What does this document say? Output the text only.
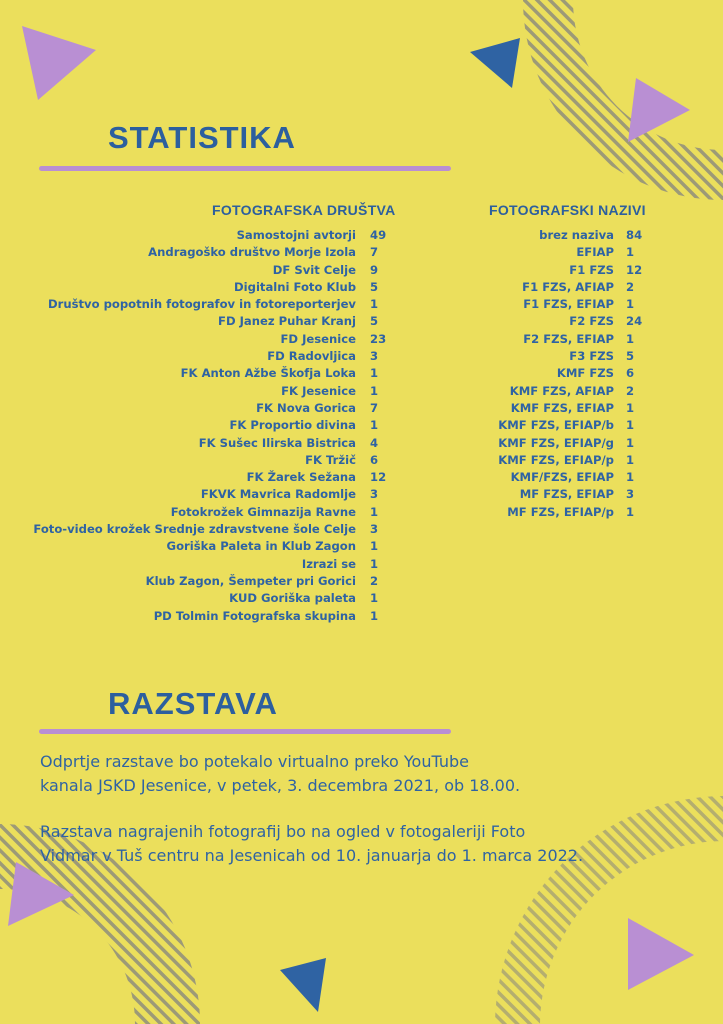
STATISTIKA
FOTOGRAFSKA DRUŠTVA	FOTOGRAFSKI NAZIVI
Samostojni avtorji	49
Andragoško društvo Morje Izola	7
DF Svit Celje	9
Digitalni Foto Klub	5
Društvo popotnih fotografov in fotoreporterjev	1
FD Janez Puhar Kranj	5
FD Jesenice	23
FD Radovljica	3
FK Anton Ažbe Škofja Loka	1
FK Jesenice	1
FK Nova Gorica	7
FK Proportio divina	1
FK Sušec Ilirska Bistrica	4
FK Tržič	6
FK Žarek Sežana	12
FKVK Mavrica Radomlje	3
Fotokrožek Gimnazija Ravne	1
Foto-video krožek Srednje zdravstvene šole Celje	3
Goriška Paleta in Klub Zagon	1
Izrazi se	1
Klub Zagon, Šempeter pri Gorici	2
KUD Goriška paleta	1
PD Tolmin Fotografska skupina	1
brez naziva	84
EFIAP	1
F1 FZS	12
F1 FZS, AFIAP	2
F1 FZS, EFIAP	1
F2 FZS	24
F2 FZS, EFIAP	1
F3 FZS	5
KMF FZS	6
KMF FZS, AFIAP	2
KMF FZS, EFIAP	1
KMF FZS, EFIAP/b	1
KMF FZS, EFIAP/g	1
KMF FZS, EFIAP/p	1
KMF/FZS, EFIAP	1
MF FZS, EFIAP	3
MF FZS, EFIAP/p	1
RAZSTAVA

Odprtje razstave bo potekalo virtualno preko YouTube
kanala JSKD Jesenice, v petek, 3. decembra 2021, ob 18.00.

Razstava nagrajenih fotografij bo na ogled v fotogaleriji Foto
Vidmar v Tuš centru na Jesenicah od 10. januarja do 1. marca 2022.
